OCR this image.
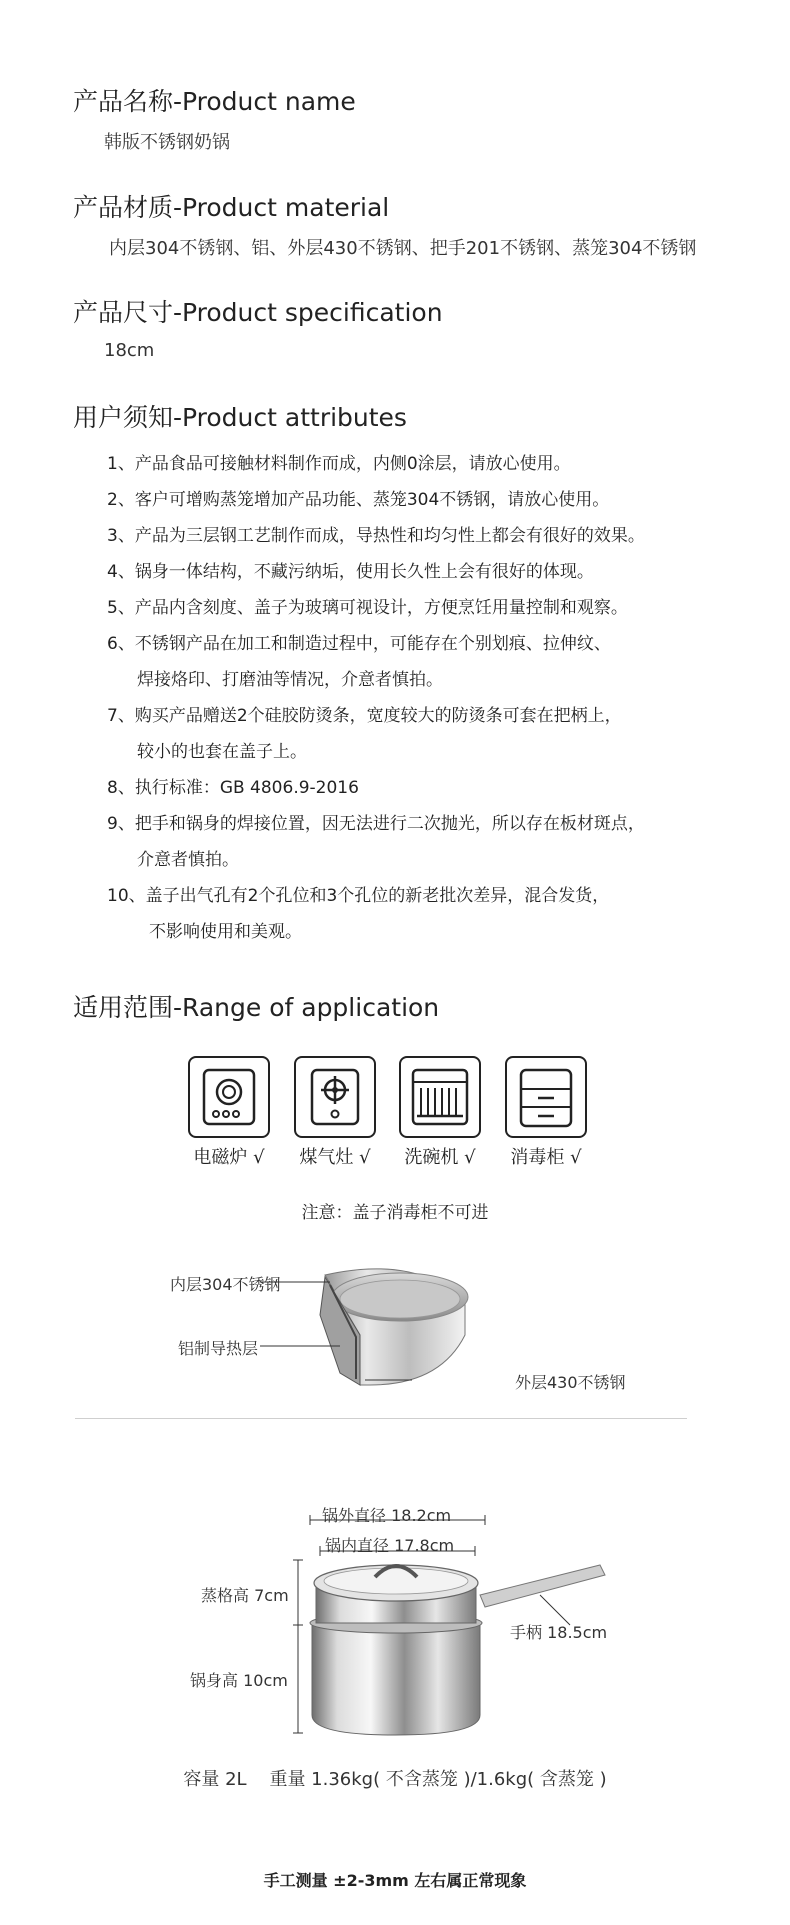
产品名称-Product name
韩版不锈钢奶锅
产品材质-Product material
内层304不锈钢、铝、外层430不锈钢、把手201不锈钢、蒸笼304不锈钢
产品尺寸-Product specification
18cm
用户须知-Product attributes
1、产品食品可接触材料制作而成，内侧0涂层，请放心使用。
2、客户可增购蒸笼增加产品功能、蒸笼304不锈钢，请放心使用。
3、产品为三层钢工艺制作而成，导热性和均匀性上都会有很好的效果。
4、锅身一体结构，不藏污纳垢，使用长久性上会有很好的体现。
5、产品内含刻度、盖子为玻璃可视设计，方便烹饪用量控制和观察。
6、不锈钢产品在加工和制造过程中，可能存在个别划痕、拉伸纹、
焊接烙印、打磨油等情况，介意者慎拍。
7、购买产品赠送2个硅胶防烫条，宽度较大的防烫条可套在把柄上，
较小的也套在盖子上。
8、执行标准：GB 4806.9-2016
9、把手和锅身的焊接位置，因无法进行二次抛光，所以存在板材斑点，
介意者慎拍。
10、盖子出气孔有2个孔位和3个孔位的新老批次差异，混合发货，
不影响使用和美观。
适用范围-Range of application
电磁炉 √	煤气灶 √	洗碗机 √	消毒柜 √
注意：盖子消毒柜不可进
内层304不锈钢
铝制导热层
外层430不锈钢
锅外直径 18.2cm
锅内直径 17.8cm
蒸格高 7cm
锅身高 10cm
手柄 18.5cm
容量 2L    重量 1.36kg( 不含蒸笼 )/1.6kg( 含蒸笼 )
手工测量 ±2-3mm 左右属正常现象
